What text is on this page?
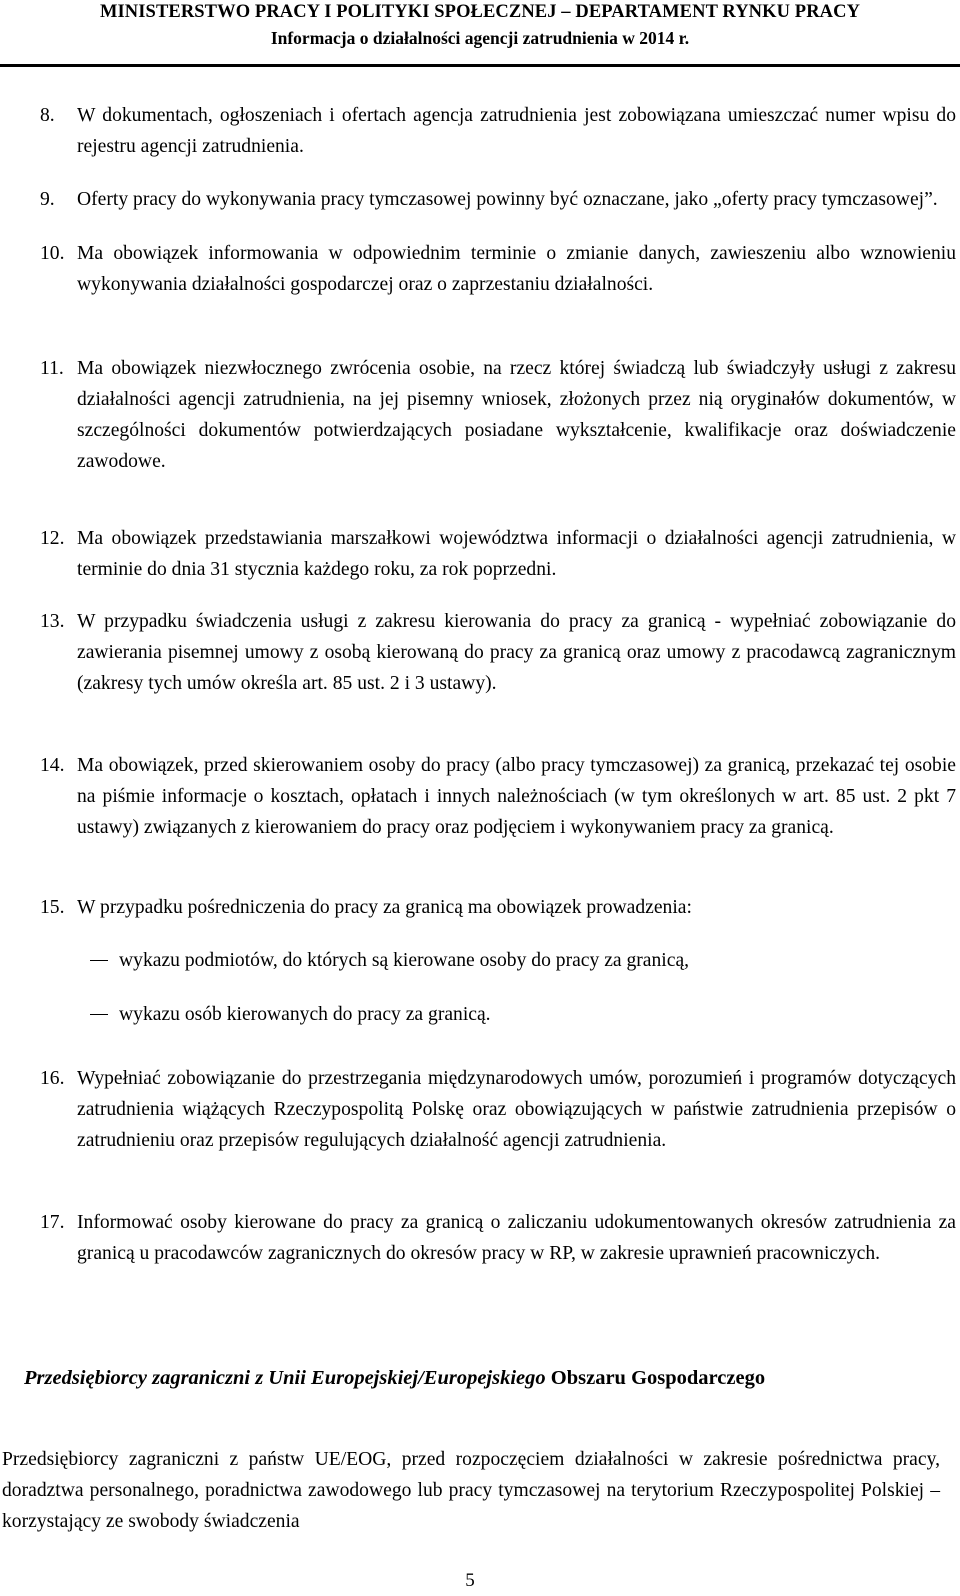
MINISTERSTWO PRACY I POLITYKI SPOŁECZNEJ – DEPARTAMENT RYNKU PRACY
Informacja o działalności agencji zatrudnienia w 2014 r.
8.	W dokumentach, ogłoszeniach i ofertach agencja zatrudnienia jest zobowiązana umieszczać numer wpisu do rejestru agencji zatrudnienia.
9.	Oferty pracy do wykonywania pracy tymczasowej powinny być oznaczane, jako „oferty pracy tymczasowej”.
10. Ma obowiązek informowania w odpowiednim terminie o zmianie danych, zawieszeniu albo wznowieniu wykonywania działalności gospodarczej oraz o zaprzestaniu działalności.
11. Ma obowiązek niezwłocznego zwrócenia osobie, na rzecz której świadczą lub świadczyły usługi z zakresu działalności agencji zatrudnienia, na jej pisemny wniosek, złożonych przez nią oryginałów dokumentów, w szczególności dokumentów potwierdzających posiadane wykształcenie, kwalifikacje oraz doświadczenie zawodowe.
12. Ma obowiązek przedstawiania marszałkowi województwa informacji o działalności agencji zatrudnienia, w terminie do dnia 31 stycznia każdego roku, za rok poprzedni.
13. W przypadku świadczenia usługi z zakresu kierowania do pracy za granicą - wypełniać zobowiązanie do zawierania pisemnej umowy z osobą kierowaną do pracy za granicą oraz umowy z pracodawcą zagranicznym (zakresy tych umów określa art. 85 ust. 2 i 3 ustawy).
14. Ma obowiązek, przed skierowaniem osoby do pracy (albo pracy tymczasowej) za granicą, przekazać tej osobie na piśmie informacje o kosztach, opłatach i innych należnościach (w tym określonych w art. 85 ust. 2 pkt 7 ustawy) związanych z kierowaniem do pracy oraz podjęciem i wykonywaniem pracy za granicą.
15. W przypadku pośredniczenia do pracy za granicą ma obowiązek prowadzenia:
wykazu podmiotów, do których są kierowane osoby do pracy za granicą,
wykazu osób kierowanych do pracy za granicą.
16. Wypełniać zobowiązanie do przestrzegania międzynarodowych umów, porozumień i programów dotyczących zatrudnienia wiążących Rzeczypospolitą Polskę oraz obowiązujących w państwie zatrudnienia przepisów o zatrudnieniu oraz przepisów regulujących działalność agencji zatrudnienia.
17. Informować osoby kierowane do pracy za granicą o zaliczaniu udokumentowanych okresów zatrudnienia za granicą u pracodawców zagranicznych do okresów pracy w RP, w zakresie uprawnień pracowniczych.
Przedsiębiorcy zagraniczni z Unii Europejskiej/Europejskiego Obszaru Gospodarczego
Przedsiębiorcy zagraniczni z państw UE/EOG, przed rozpoczęciem działalności w zakresie pośrednictwa pracy, doradztwa personalnego, poradnictwa zawodowego lub pracy tymczasowej na terytorium Rzeczypospolitej Polskiej – korzystający ze swobody świadczenia
5
